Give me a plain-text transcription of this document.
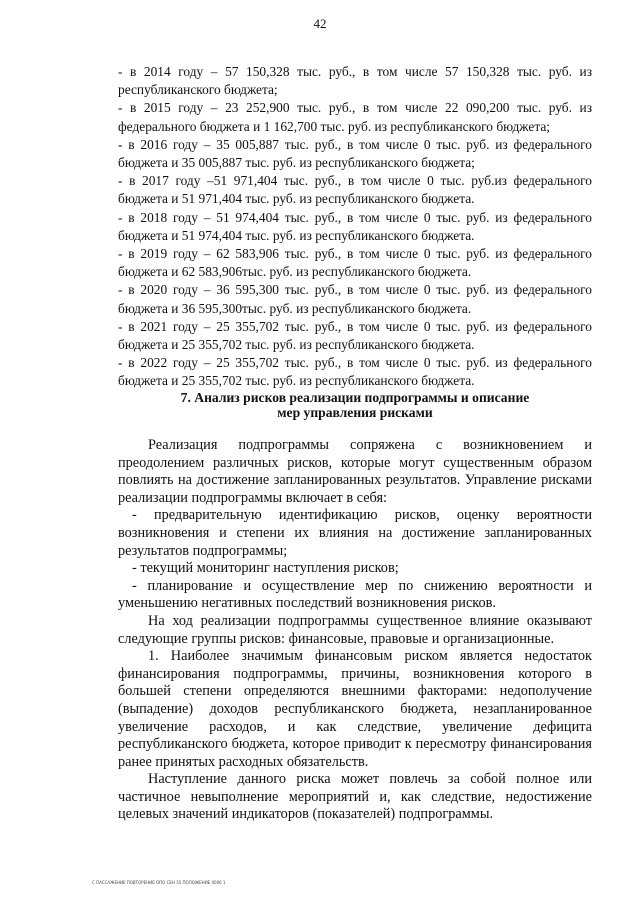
42

- в 2014 году – 57 150,328 тыс. руб., в том числе 57 150,328 тыс. руб. из республиканского бюджета;

- в 2015 году – 23 252,900 тыс. руб., в том числе 22 090,200 тыс. руб. из федерального бюджета и 1 162,700 тыс. руб. из республиканского бюджета;

- в 2016 году – 35 005,887 тыс. руб., в том числе 0 тыс. руб. из федерального бюджета и 35 005,887 тыс. руб. из республиканского бюджета;

- в 2017 году –51 971,404 тыс. руб., в том числе 0 тыс. руб.из федерального бюджета и 51 971,404 тыс. руб. из республиканского бюджета.

- в 2018 году – 51 974,404 тыс. руб., в том числе 0 тыс. руб. из федерального бюджета и 51 974,404 тыс. руб. из республиканского бюджета.

- в 2019 году – 62 583,906 тыс. руб., в том числе 0 тыс. руб. из федерального бюджета и 62 583,906тыс. руб. из республиканского бюджета.

- в 2020 году – 36 595,300 тыс. руб., в том числе 0 тыс. руб. из федерального бюджета и 36 595,300тыс. руб. из республиканского бюджета.

- в 2021 году – 25 355,702 тыс. руб., в том числе 0 тыс. руб. из федерального бюджета и 25 355,702 тыс. руб. из республиканского бюджета.

- в 2022 году – 25 355,702 тыс. руб., в том числе 0 тыс. руб. из федерального бюджета и 25 355,702 тыс. руб. из республиканского бюджета.

7. Анализ рисков реализации подпрограммы и описание
мер управления рисками

Реализация подпрограммы сопряжена с возникновением и преодолением различных рисков, которые могут существенным образом повлиять на достижение запланированных результатов. Управление рисками реализации подпрограммы включает в себя:

- предварительную идентификацию рисков, оценку вероятности возникновения и степени их влияния на достижение запланированных результатов подпрограммы;

- текущий мониторинг наступления рисков;

- планирование и осуществление мер по снижению вероятности и уменьшению негативных последствий возникновения рисков.

На ход реализации подпрограммы существенное влияние оказывают следующие группы рисков: финансовые, правовые и организационные.

1. Наиболее значимым финансовым риском является недостаток финансирования подпрограммы, причины, возникновения которого в большей степени определяются внешними факторами: недополучение (выпадение) доходов республиканского бюджета, незапланированное увеличение расходов, и как следствие, увеличение дефицита республиканского бюджета, которое приводит к пересмотру финансирования ранее принятых расходных обязательств.

Наступление данного риска может повлечь за собой полное или частичное невыполнение мероприятий и, как следствие, недостижение целевых значений индикаторов (показателей) подпрограммы.

С ПАССАЖЕНИЕ ПОВТОРЕНИЕ ОПО СЕН 35 ПОЛОЖЕНИЕ 0006 1
